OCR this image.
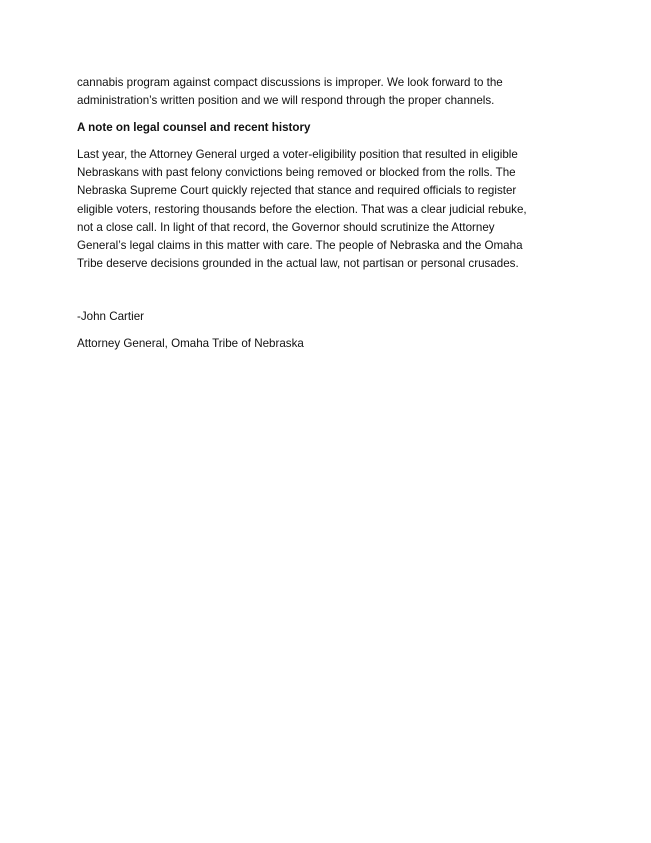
cannabis program against compact discussions is improper. We look forward to the
administration’s written position and we will respond through the proper channels.
A note on legal counsel and recent history
Last year, the Attorney General urged a voter-eligibility position that resulted in eligible
Nebraskans with past felony convictions being removed or blocked from the rolls. The
Nebraska Supreme Court quickly rejected that stance and required officials to register
eligible voters, restoring thousands before the election. That was a clear judicial rebuke,
not a close call. In light of that record, the Governor should scrutinize the Attorney
General’s legal claims in this matter with care. The people of Nebraska and the Omaha
Tribe deserve decisions grounded in the actual law, not partisan or personal crusades.
-John Cartier
Attorney General, Omaha Tribe of Nebraska
